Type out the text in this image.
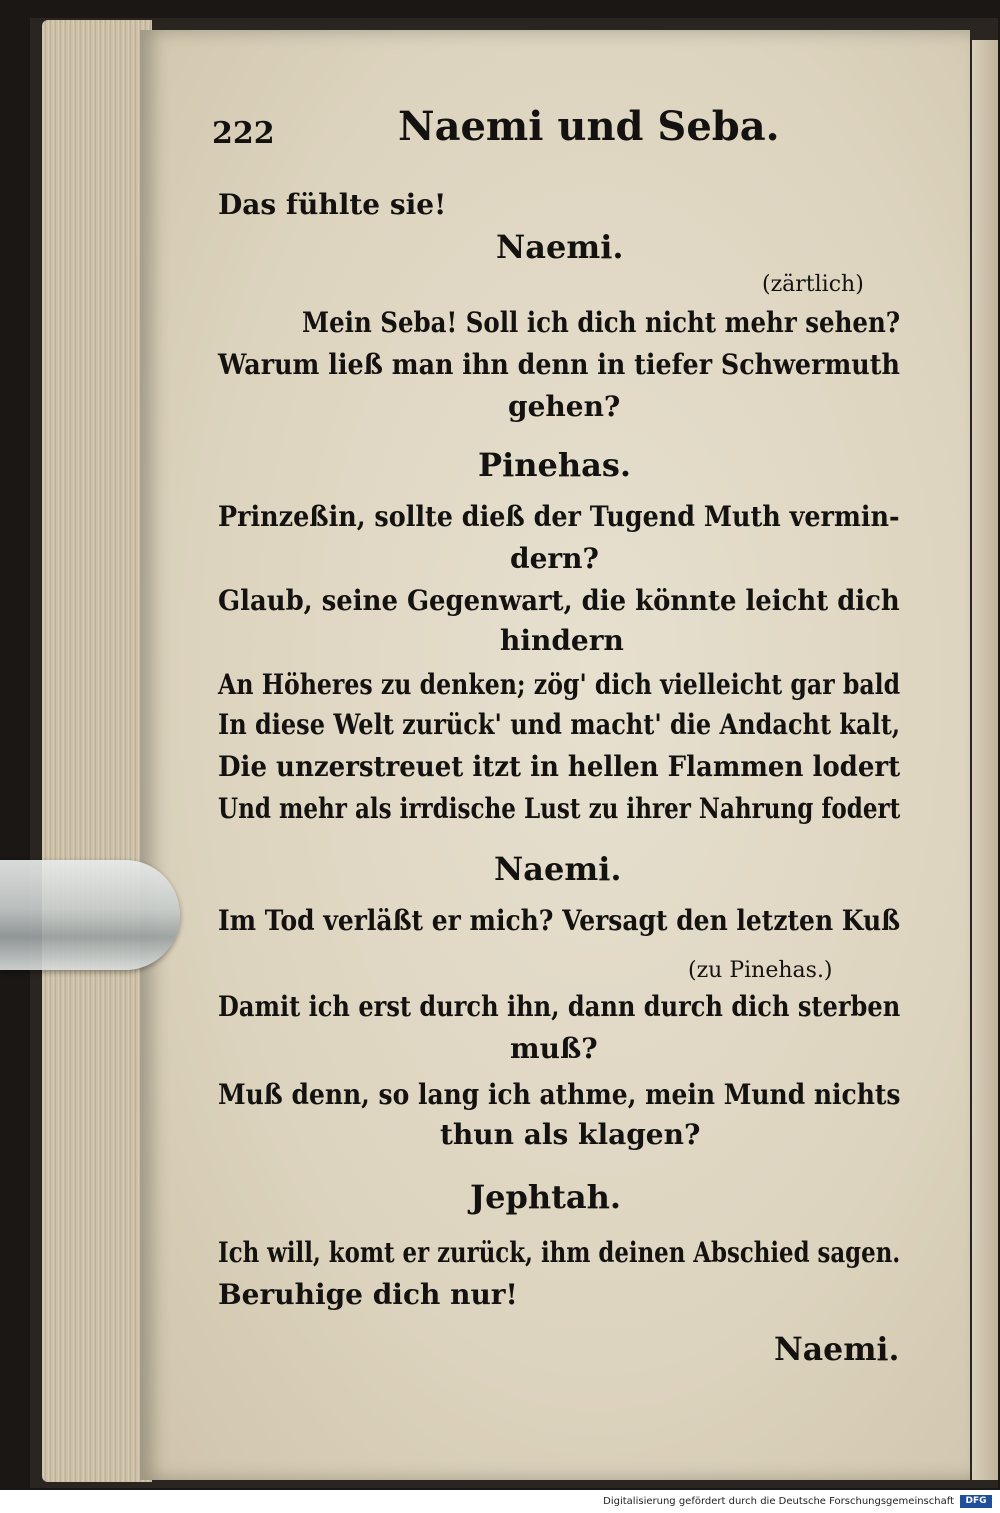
222	Naemi und Seba.
Das fühlte sie!
Naemi.
(zärtlich)
Mein Seba! Soll ich dich nicht mehr sehen?
Warum ließ man ihn denn in tiefer Schwermuth
gehen?
Pinehas.
Prinzeßin, sollte dieß der Tugend Muth vermin-
dern?
Glaub, seine Gegenwart, die könnte leicht dich
hindern
An Höheres zu denken; zög' dich vielleicht gar bald
In diese Welt zurück' und macht' die Andacht kalt,
Die unzerstreuet itzt in hellen Flammen lodert
Und mehr als irrdische Lust zu ihrer Nahrung fodert
Naemi.
Im Tod verläßt er mich? Versagt den letzten Kuß
(zu Pinehas.)
Damit ich erst durch ihn, dann durch dich sterben
muß?
Muß denn, so lang ich athme, mein Mund nichts
thun als klagen?
Jephtah.
Ich will, komt er zurück, ihm deinen Abschied sagen.
Beruhige dich nur!
Naemi.
Digitalisierung gefördert durch die Deutsche Forschungsgemeinschaft	DFG
